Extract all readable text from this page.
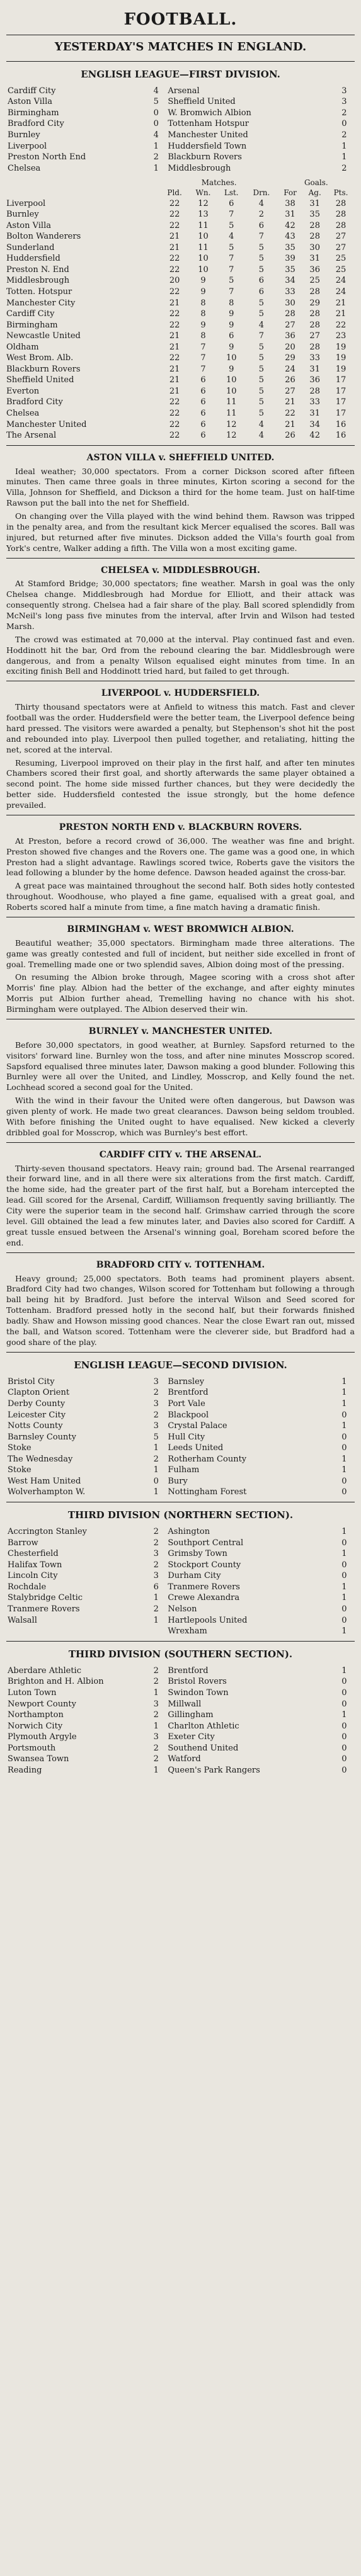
FOOTBALL.
YESTERDAY'S MATCHES IN ENGLAND.
ENGLISH LEAGUE—FIRST DIVISION.
Cardiff City	4	Arsenal	3
Aston Villa	5	Sheffield United	3
Birmingham	0	W. Bromwich Albion	2
Bradford City	0	Tottenham Hotspur	0
Burnley	4	Manchester United	2
Liverpool	1	Huddersfield Town	1
Preston North End	2	Blackburn Rovers	1
Chelsea	1	Middlesbrough	2
	Matches.				Goals.		
	Pld.	Wn.	Lst.	Drn.	For	Ag.	Pts.
Liverpool	22	12	6	4	38	31	28
Burnley	22	13	7	2	31	35	28
Aston Villa	22	11	5	6	42	28	28
Bolton Wanderers	21	10	4	7	43	28	27
Sunderland	21	11	5	5	35	30	27
Huddersfield	22	10	7	5	39	31	25
Preston N. End	22	10	7	5	35	36	25
Middlesbrough	20	9	5	6	34	25	24
Totten. Hotspur	22	9	7	6	33	28	24
Manchester City	21	8	8	5	30	29	21
Cardiff City	22	8	9	5	28	28	21
Birmingham	22	9	9	4	27	28	22
Newcastle United	21	8	6	7	36	27	23
Oldham	21	7	9	5	20	28	19
West Brom. Alb.	22	7	10	5	29	33	19
Blackburn Rovers	21	7	9	5	24	31	19
Sheffield United	21	6	10	5	26	36	17
Everton	21	6	10	5	27	28	17
Bradford City	22	6	11	5	21	33	17
Chelsea	22	6	11	5	22	31	17
Manchester United	22	6	12	4	21	34	16
The Arsenal	22	6	12	4	26	42	16
ASTON VILLA v. SHEFFIELD UNITED.

Ideal weather; 30,000 spectators. From a corner Dickson scored after fifteen minutes. Then came three goals in three minutes, Kirton scoring a second for the Villa, Johnson for Sheffield, and Dickson a third for the home team. Just on half-time Rawson put the ball into the net for Sheffield.

On changing over the Villa played with the wind behind them. Rawson was tripped in the penalty area, and from the resultant kick Mercer equalised the scores. Ball was injured, but returned after five minutes. Dickson added the Villa's fourth goal from York's centre, Walker adding a fifth. The Villa won a most exciting game.

CHELSEA v. MIDDLESBROUGH.

At Stamford Bridge; 30,000 spectators; fine weather. Marsh in goal was the only Chelsea change. Middlesbrough had Mordue for Elliott, and their attack was consequently strong. Chelsea had a fair share of the play. Ball scored splendidly from McNeil's long pass five minutes from the interval, after Irvin and Wilson had tested Marsh.

The crowd was estimated at 70,000 at the interval. Play continued fast and even. Hoddinott hit the bar, Ord from the rebound clearing the bar. Middlesbrough were dangerous, and from a penalty Wilson equalised eight minutes from time. In an exciting finish Bell and Hoddinott tried hard, but failed to get through.

LIVERPOOL v. HUDDERSFIELD.

Thirty thousand spectators were at Anfield to witness this match. Fast and clever football was the order. Huddersfield were the better team, the Liverpool defence being hard pressed. The visitors were awarded a penalty, but Stephenson's shot hit the post and rebounded into play. Liverpool then pulled together, and retaliating, hitting the net, scored at the interval.

Resuming, Liverpool improved on their play in the first half, and after ten minutes Chambers scored their first goal, and shortly afterwards the same player obtained a second point. The home side missed further chances, but they were decidedly the better side. Huddersfield contested the issue strongly, but the home defence prevailed.

PRESTON NORTH END v. BLACKBURN ROVERS.

At Preston, before a record crowd of 36,000. The weather was fine and bright. Preston showed five changes and the Rovers one. The game was a good one, in which Preston had a slight advantage. Rawlings scored twice, Roberts gave the visitors the lead following a blunder by the home defence. Dawson headed against the cross-bar.

A great pace was maintained throughout the second half. Both sides hotly contested throughout. Woodhouse, who played a fine game, equalised with a great goal, and Roberts scored half a minute from time, a fine match having a dramatic finish.

BIRMINGHAM v. WEST BROMWICH ALBION.

Beautiful weather; 35,000 spectators. Birmingham made three alterations. The game was greatly contested and full of incident, but neither side excelled in front of goal. Tremelling made one or two splendid saves, Albion doing most of the pressing.

On resuming the Albion broke through, Magee scoring with a cross shot after Morris' fine play. Albion had the better of the exchange, and after eighty minutes Morris put Albion further ahead, Tremelling having no chance with his shot. Birmingham were outplayed. The Albion deserved their win.

BURNLEY v. MANCHESTER UNITED.

Before 30,000 spectators, in good weather, at Burnley. Sapsford returned to the visitors' forward line. Burnley won the toss, and after nine minutes Mosscrop scored. Sapsford equalised three minutes later, Dawson making a good blunder. Following this Burnley were all over the United, and Lindley, Mosscrop, and Kelly found the net. Lochhead scored a second goal for the United.

With the wind in their favour the United were often dangerous, but Dawson was given plenty of work. He made two great clearances. Dawson being seldom troubled. With before finishing the United ought to have equalised. New kicked a cleverly dribbled goal for Mosscrop, which was Burnley's best effort.

CARDIFF CITY v. THE ARSENAL.

Thirty-seven thousand spectators. Heavy rain; ground bad. The Arsenal rearranged their forward line, and in all there were six alterations from the first match. Cardiff, the home side, had the greater part of the first half, but a Boreham intercepted the lead. Gill scored for the Arsenal, Cardiff, Williamson frequently saving brilliantly. The City were the superior team in the second half. Grimshaw carried through the score level. Gill obtained the lead a few minutes later, and Davies also scored for Cardiff. A great tussle ensued between the Arsenal's winning goal, Boreham scored before the end.

BRADFORD CITY v. TOTTENHAM.

Heavy ground; 25,000 spectators. Both teams had prominent players absent. Bradford City had two changes, Wilson scored for Tottenham but following a through ball being hit by Bradford. Just before the interval Wilson and Seed scored for Tottenham. Bradford pressed hotly in the second half, but their forwards finished badly. Shaw and Howson missing good chances. Near the close Ewart ran out, missed the ball, and Watson scored. Tottenham were the cleverer side, but Bradford had a good share of the play.

ENGLISH LEAGUE—SECOND DIVISION.
Bristol City	3	Barnsley	1
Clapton Orient	2	Brentford	1
Derby County	3	Port Vale	1
Leicester City	2	Blackpool	0
Notts County	3	Crystal Palace	1
Barnsley County	5	Hull City	0
Stoke	1	Leeds United	0
The Wednesday	2	Rotherham County	1
Stoke	1	Fulham	1
West Ham United	0	Bury	0
Wolverhampton W.	1	Nottingham Forest	0
THIRD DIVISION (NORTHERN SECTION).
Accrington Stanley	2	Ashington	1
Barrow	2	Southport Central	0
Chesterfield	3	Grimsby Town	1
Halifax Town	2	Stockport County	0
Lincoln City	3	Durham City	0
Rochdale	6	Tranmere Rovers	1
Stalybridge Celtic	1	Crewe Alexandra	1
Tranmere Rovers	2	Nelson	0
Walsall	1	Hartlepools United	0
		Wrexham	1
THIRD DIVISION (SOUTHERN SECTION).
Aberdare Athletic	2	Brentford	1
Brighton and H. Albion	2	Bristol Rovers	0
Luton Town	1	Swindon Town	0
Newport County	3	Millwall	0
Northampton	2	Gillingham	1
Norwich City	1	Charlton Athletic	0
Plymouth Argyle	3	Exeter City	0
Portsmouth	2	Southend United	0
Swansea Town	2	Watford	0
Reading	1	Queen's Park Rangers	0
